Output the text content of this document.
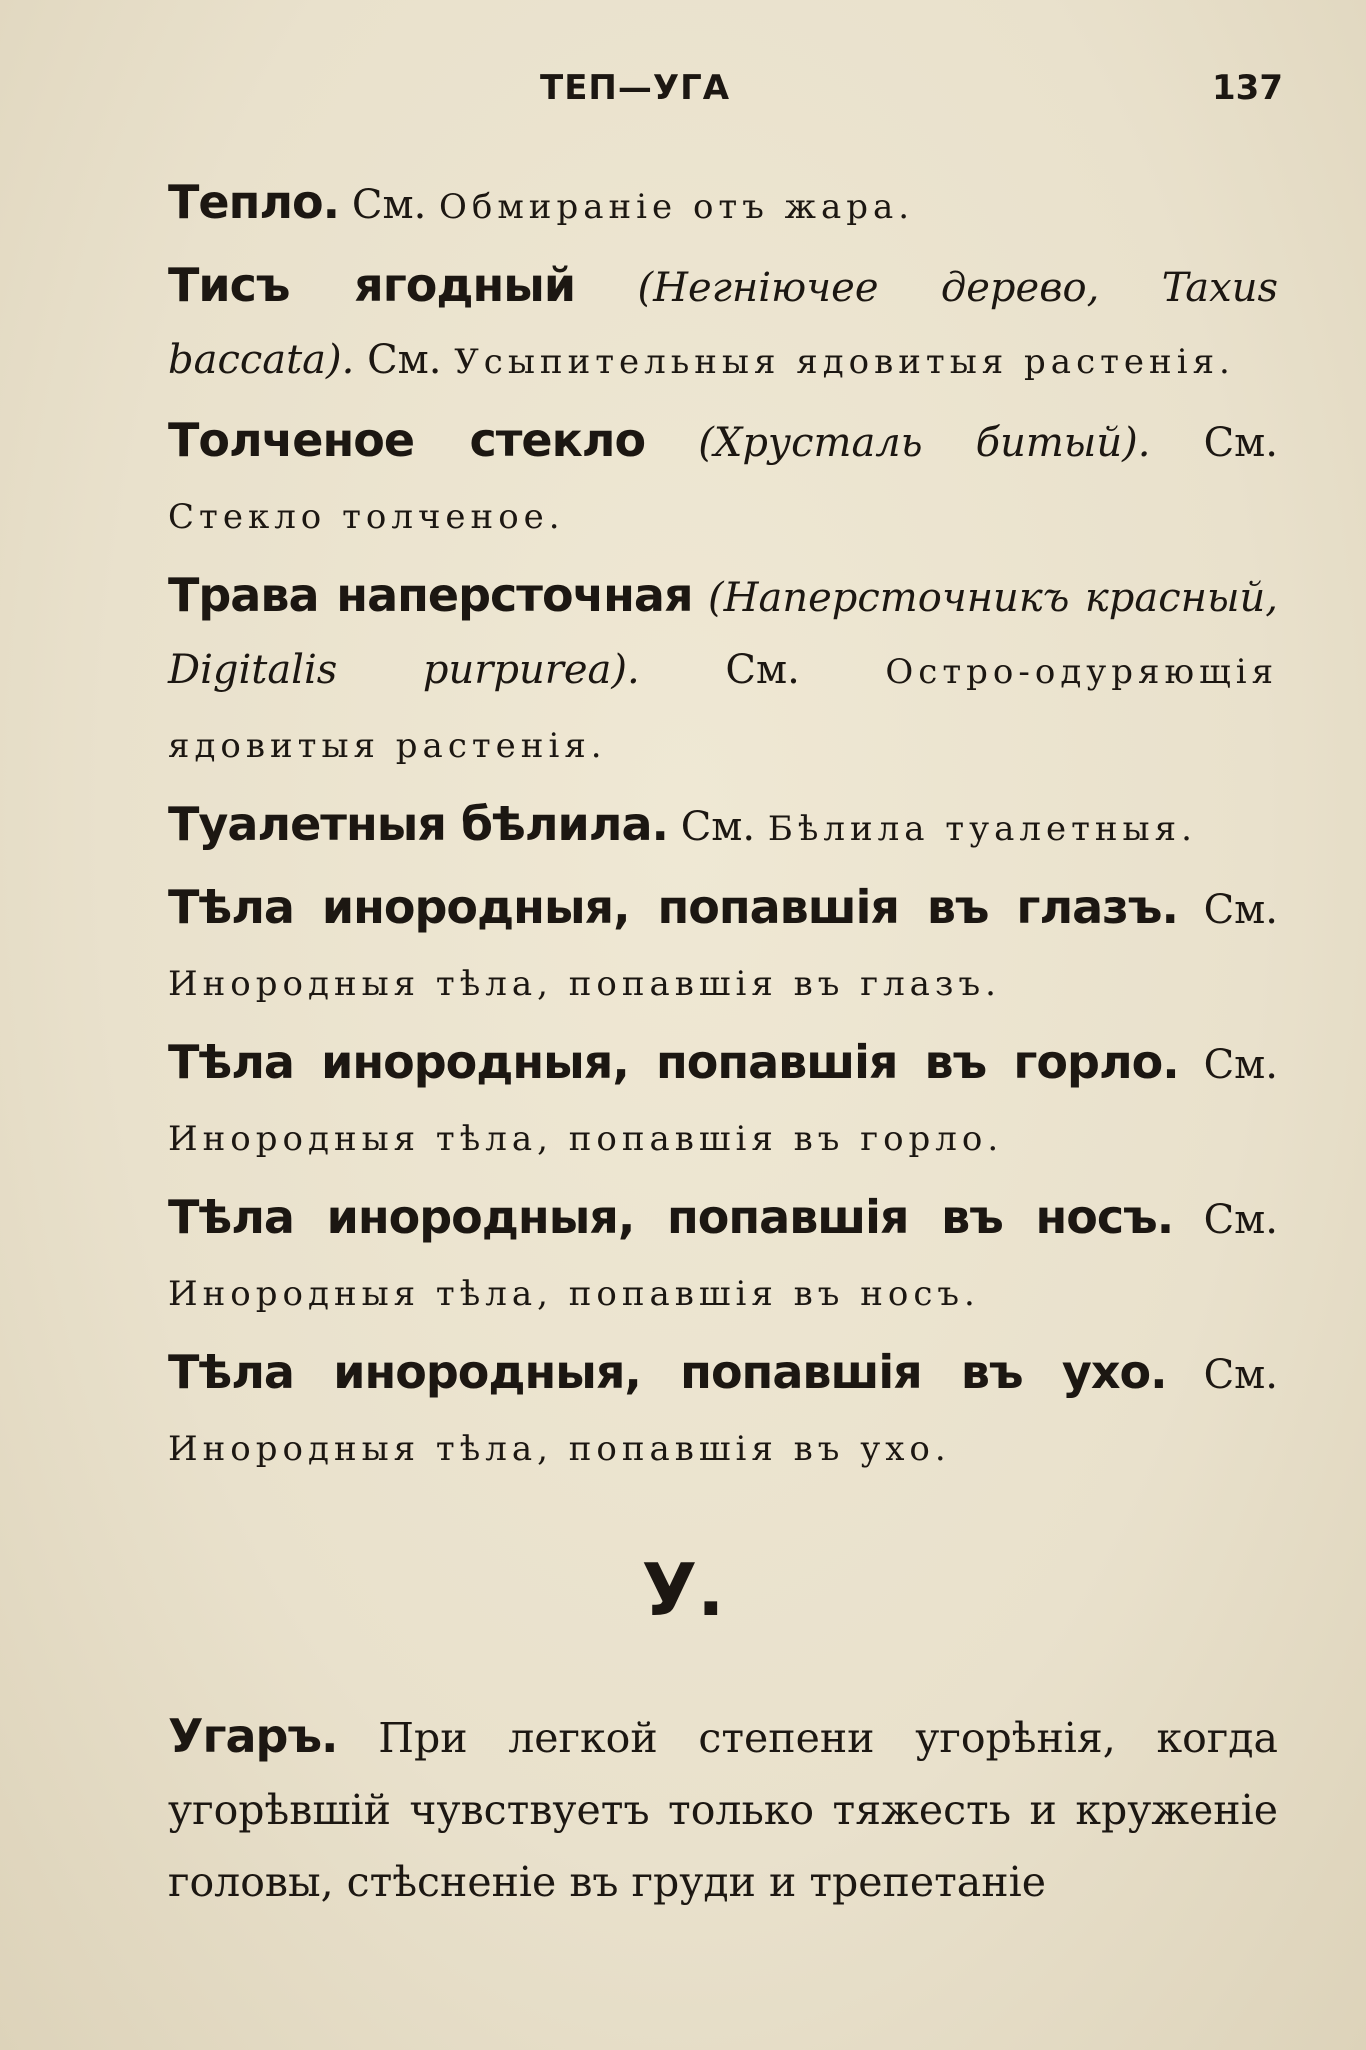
ТЕП—УГА	137

Тепло. См. Обмираніе отъ жара.

Тисъ ягодный (Негніючее дерево, Taxus baccata). См. Усыпительныя ядовитыя растенія.

Толченое стекло (Хрусталь битый). См. Стекло толченое.

Трава наперсточная (Наперсточникъ красный, Digitalis purpurea). См.	Остро-одуряющія ядовитыя растенія.

Туалетныя бѣлила. См. Бѣлила туалетныя.

Тѣла инородныя, попавшія въ глазъ. См. Инородныя тѣла, попавшія въ глазъ.

Тѣла инородныя, попавшія въ горло. См. Инородныя тѣла, попавшія въ горло.

Тѣла инородныя, попавшія въ носъ. См. Инородныя тѣла, попавшія въ носъ.

Тѣла инородныя, попавшія въ ухо. См. Инородныя тѣла, попавшія въ ухо.

У.

Угаръ. При легкой степени угорѣнія, когда угорѣвшій чувствуетъ только тяжесть и круженіе головы, стѣсненіе въ груди и трепетаніе
